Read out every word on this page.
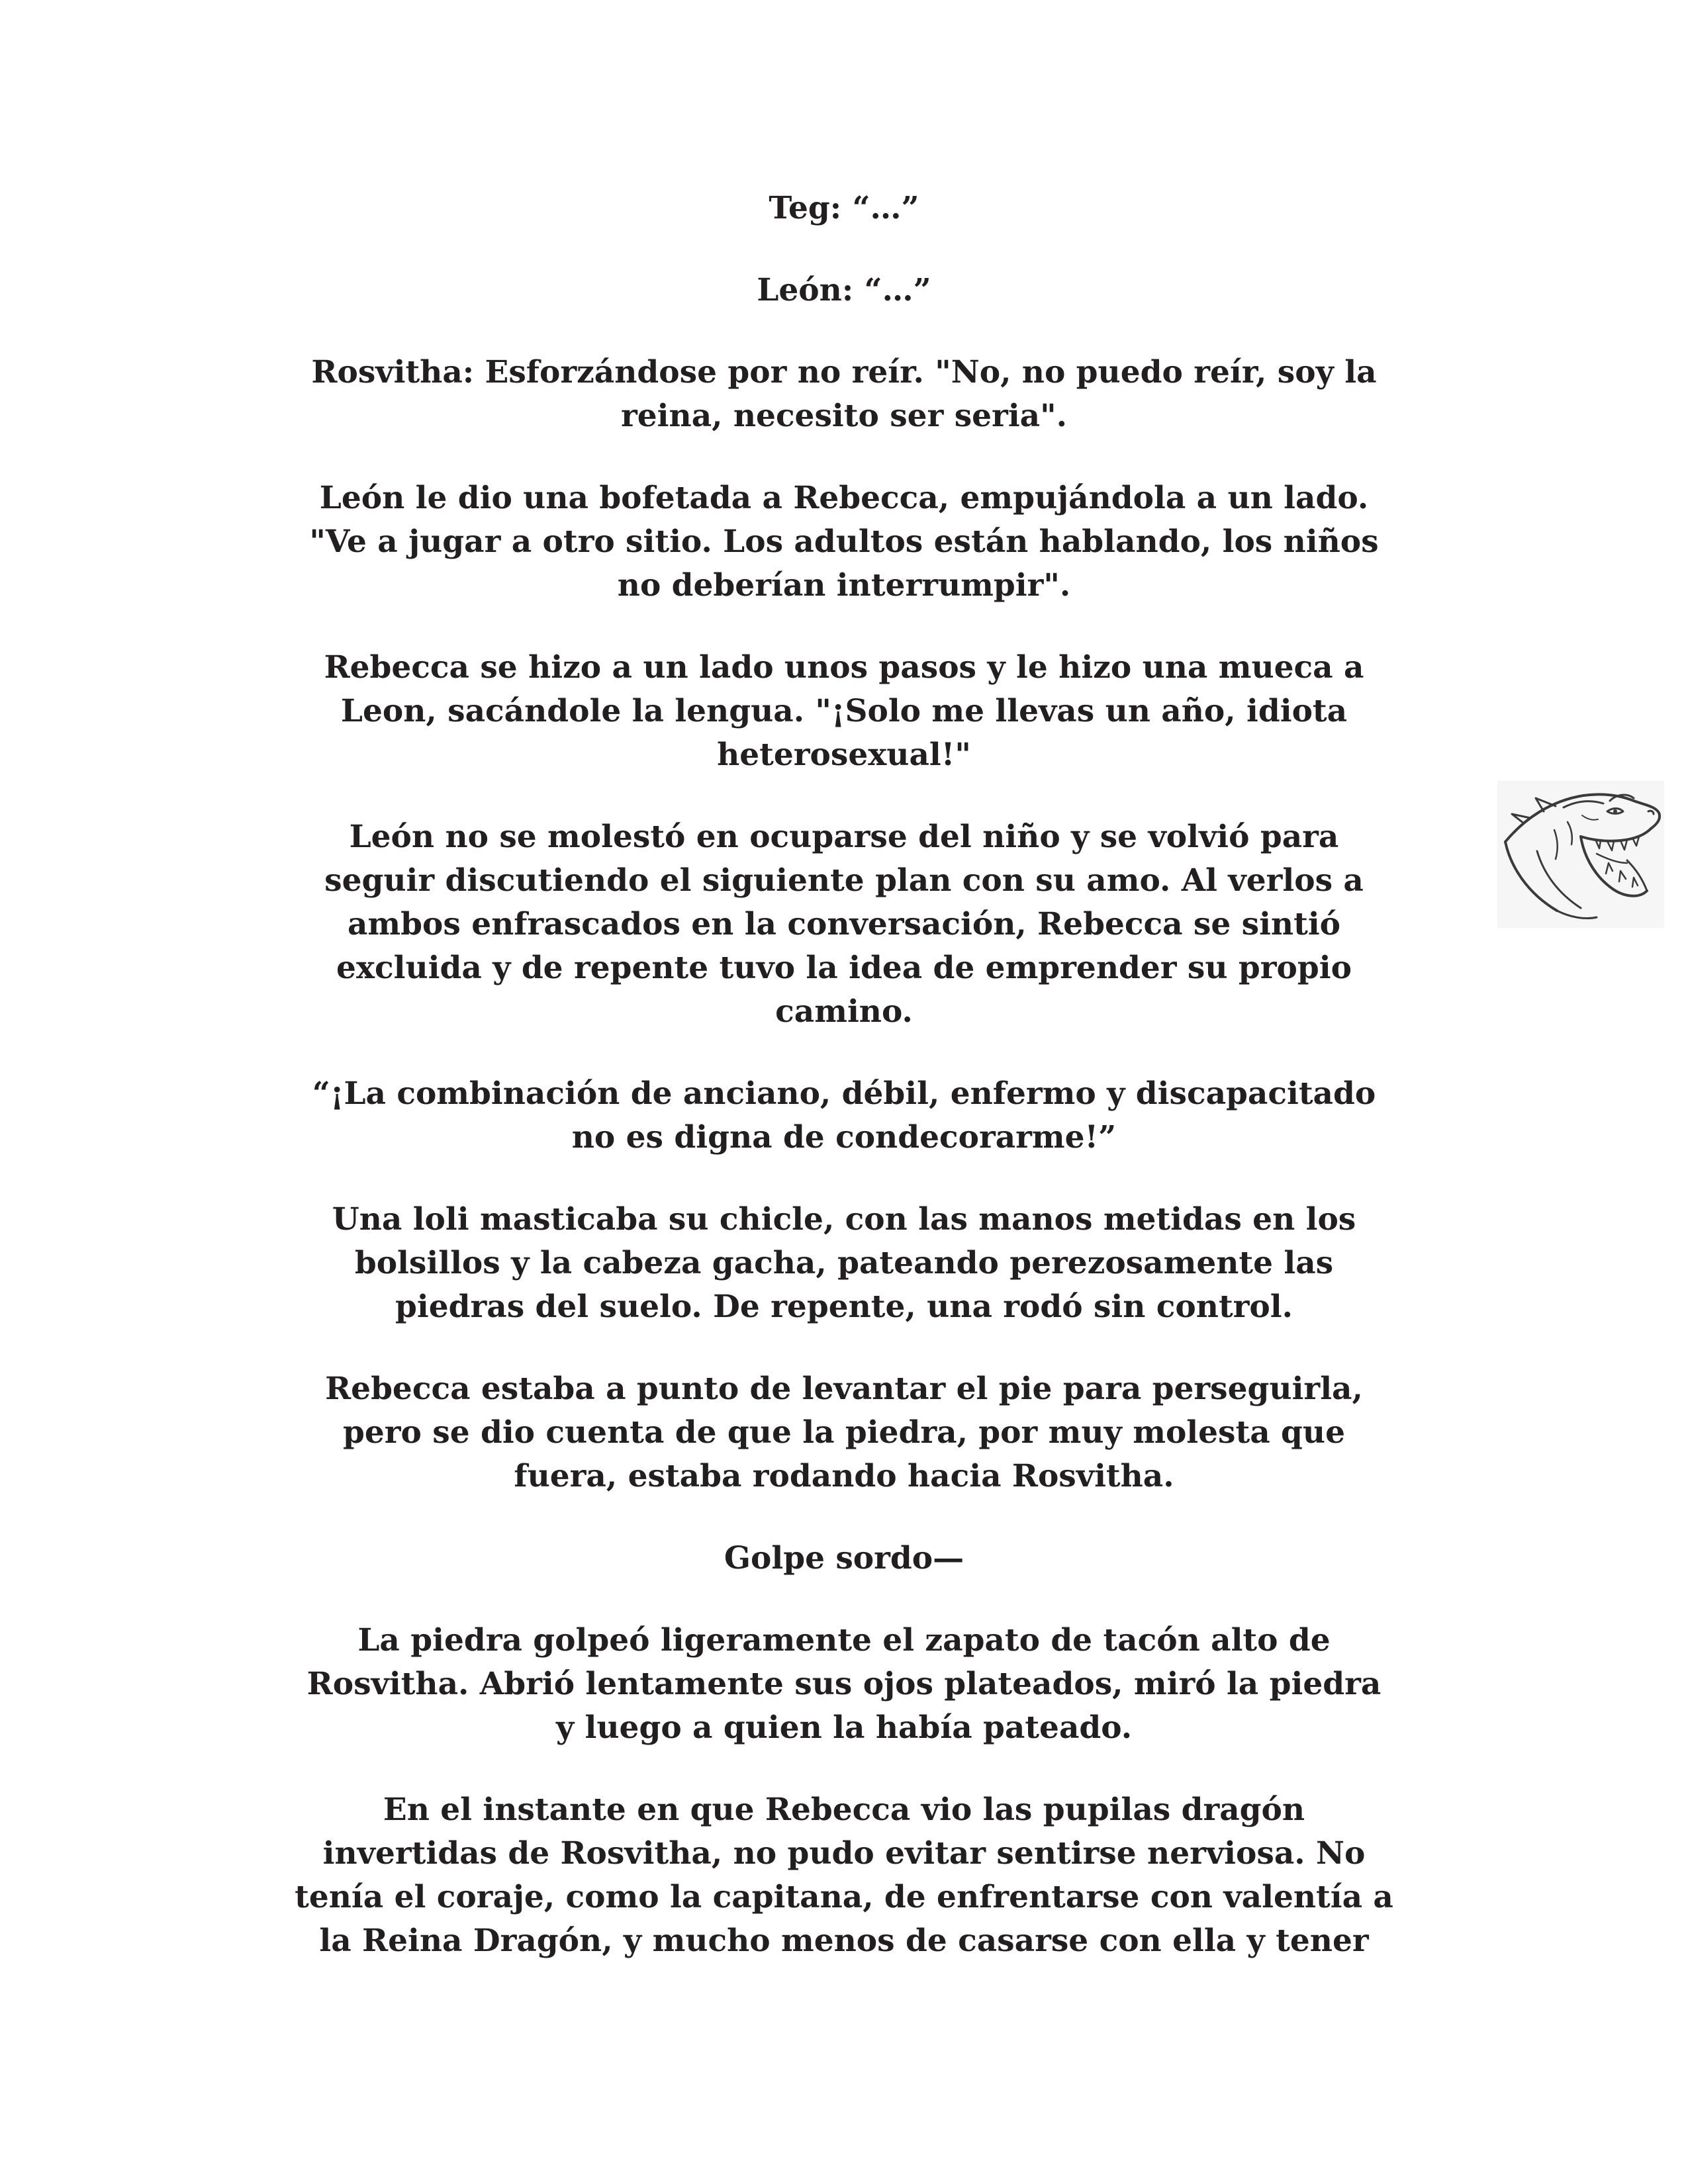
Teg: “…”

León: “…”

Rosvitha: Esforzándose por no reír. "No, no puedo reír, soy la
reina, necesito ser seria".

León le dio una bofetada a Rebecca, empujándola a un lado.
"Ve a jugar a otro sitio. Los adultos están hablando, los niños
no deberían interrumpir".

Rebecca se hizo a un lado unos pasos y le hizo una mueca a
Leon, sacándole la lengua. "¡Solo me llevas un año, idiota
heterosexual!"

León no se molestó en ocuparse del niño y se volvió para
seguir discutiendo el siguiente plan con su amo. Al verlos a
ambos enfrascados en la conversación, Rebecca se sintió
excluida y de repente tuvo la idea de emprender su propio
camino.

“¡La combinación de anciano, débil, enfermo y discapacitado
no es digna de condecorarme!”

Una loli masticaba su chicle, con las manos metidas en los
bolsillos y la cabeza gacha, pateando perezosamente las
piedras del suelo. De repente, una rodó sin control.

Rebecca estaba a punto de levantar el pie para perseguirla,
pero se dio cuenta de que la piedra, por muy molesta que
fuera, estaba rodando hacia Rosvitha.

Golpe sordo—

La piedra golpeó ligeramente el zapato de tacón alto de
Rosvitha. Abrió lentamente sus ojos plateados, miró la piedra
y luego a quien la había pateado.

En el instante en que Rebecca vio las pupilas dragón
invertidas de Rosvitha, no pudo evitar sentirse nerviosa. No
tenía el coraje, como la capitana, de enfrentarse con valentía a
la Reina Dragón, y mucho menos de casarse con ella y tener
